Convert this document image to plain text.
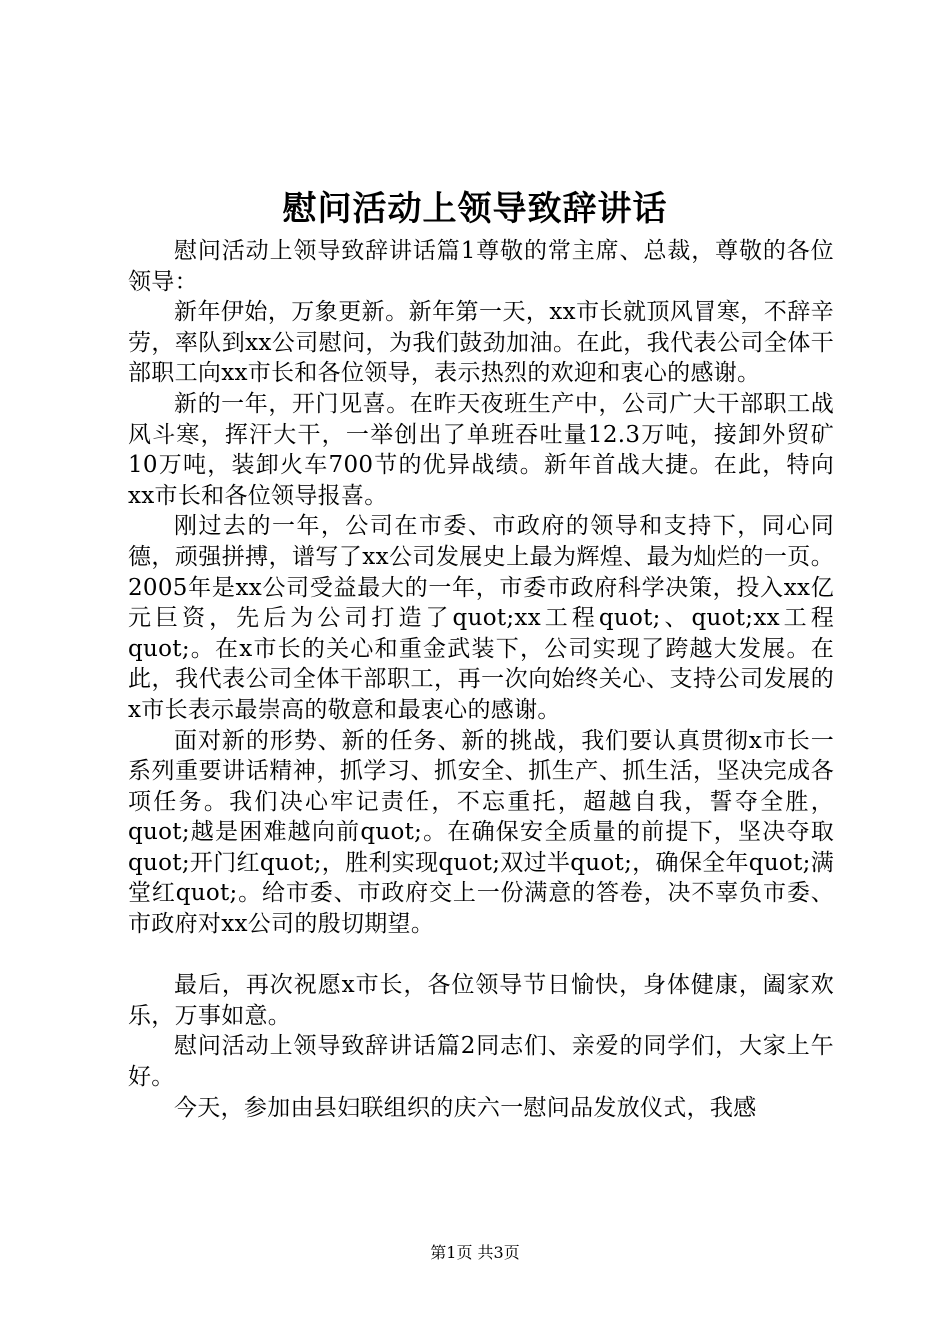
慰问活动上领导致辞讲话

慰问活动上领导致辞讲话篇1尊敬的常主席、总裁，尊敬的各位领导：

新年伊始，万象更新。新年第一天，xx市长就顶风冒寒，不辞辛劳，率队到xx公司慰问，为我们鼓劲加油。在此，我代表公司全体干部职工向xx市长和各位领导，表示热烈的欢迎和衷心的感谢。

新的一年，开门见喜。在昨天夜班生产中，公司广大干部职工战风斗寒，挥汗大干，一举创出了单班吞吐量12.3万吨，接卸外贸矿10万吨，装卸火车700节的优异战绩。新年首战大捷。在此，特向xx市长和各位领导报喜。

刚过去的一年，公司在市委、市政府的领导和支持下，同心同德，顽强拼搏，谱写了xx公司发展史上最为辉煌、最为灿烂的一页。2005年是xx公司受益最大的一年，市委市政府科学决策，投入xx亿元巨资，先后为公司打造了quot;xx工程quot;、quot;xx工程quot;。在x市长的关心和重金武装下，公司实现了跨越大发展。在此，我代表公司全体干部职工，再一次向始终关心、支持公司发展的x市长表示最崇高的敬意和最衷心的感谢。

面对新的形势、新的任务、新的挑战，我们要认真贯彻x市长一系列重要讲话精神，抓学习、抓安全、抓生产、抓生活，坚决完成各项任务。我们决心牢记责任，不忘重托，超越自我，誓夺全胜，quot;越是困难越向前quot;。在确保安全质量的前提下，坚决夺取quot;开门红quot;，胜利实现quot;双过半quot;，确保全年quot;满堂红quot;。给市委、市政府交上一份满意的答卷，决不辜负市委、市政府对xx公司的殷切期望。

最后，再次祝愿x市长，各位领导节日愉快，身体健康，阖家欢乐，万事如意。

慰问活动上领导致辞讲话篇2同志们、亲爱的同学们，大家上午好。

今天，参加由县妇联组织的庆六一慰问品发放仪式，我感

第1页 共3页
